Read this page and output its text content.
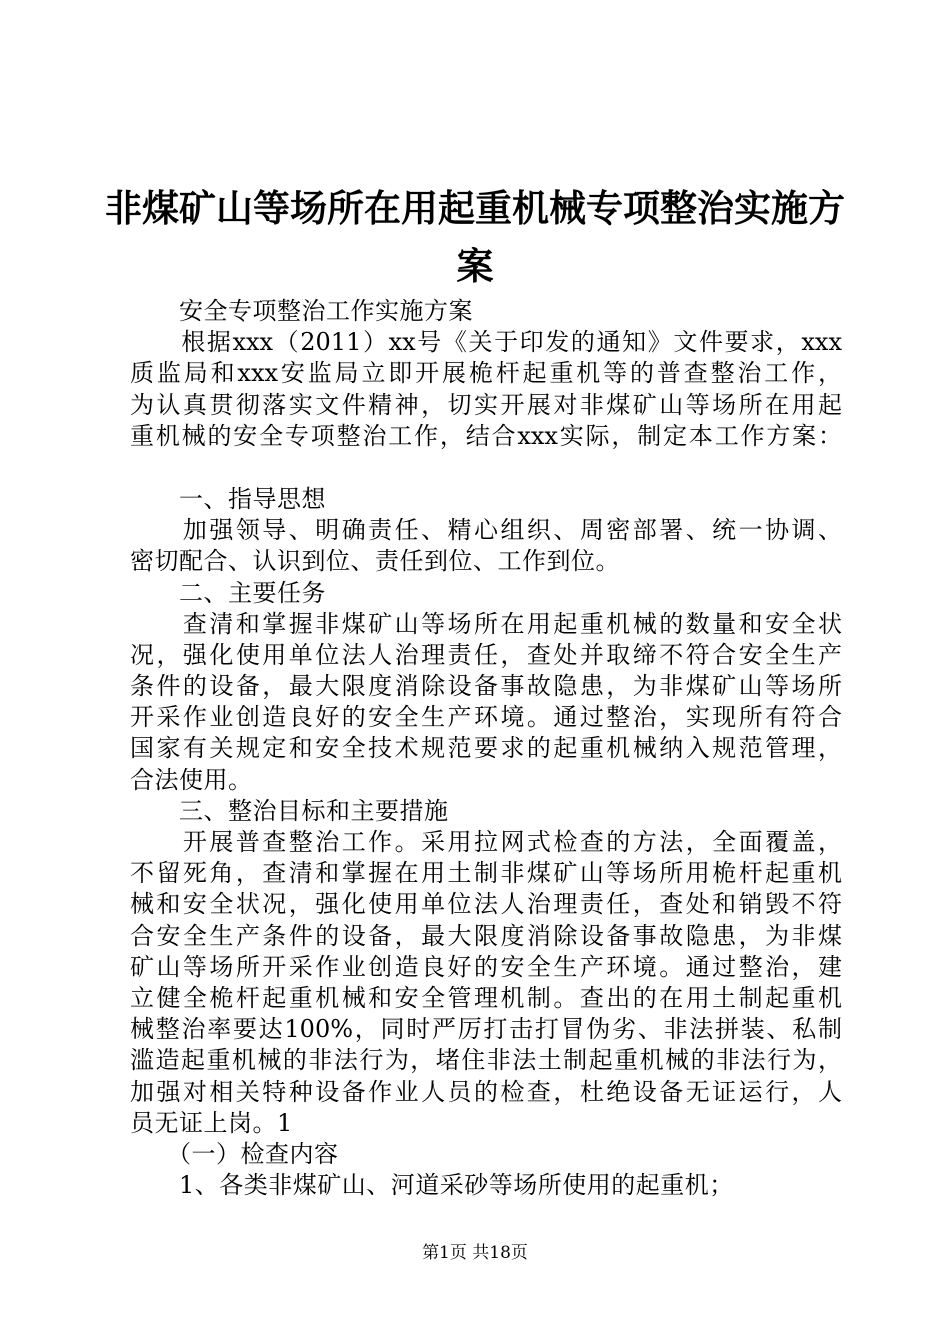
非煤矿山等场所在用起重机械专项整治实施方
案
　　安全专项整治工作实施方案
　　根据xxx（2011）xx号《关于印发的通知》文件要求，xxx
质监局和xxx安监局立即开展桅杆起重机等的普查整治工作，
为认真贯彻落实文件精神，切实开展对非煤矿山等场所在用起
重机械的安全专项整治工作，结合xxx实际，制定本工作方案：
　　一、指导思想
　　加强领导、明确责任、精心组织、周密部署、统一协调、
密切配合、认识到位、责任到位、工作到位。
　　二、主要任务
　　查清和掌握非煤矿山等场所在用起重机械的数量和安全状
况，强化使用单位法人治理责任，查处并取缔不符合安全生产
条件的设备，最大限度消除设备事故隐患，为非煤矿山等场所
开采作业创造良好的安全生产环境。通过整治，实现所有符合
国家有关规定和安全技术规范要求的起重机械纳入规范管理，
合法使用。
　　三、整治目标和主要措施
　　开展普查整治工作。采用拉网式检查的方法，全面覆盖，
不留死角，查清和掌握在用土制非煤矿山等场所用桅杆起重机
械和安全状况，强化使用单位法人治理责任，查处和销毁不符
合安全生产条件的设备，最大限度消除设备事故隐患，为非煤
矿山等场所开采作业创造良好的安全生产环境。通过整治，建
立健全桅杆起重机械和安全管理机制。查出的在用土制起重机
械整治率要达100%，同时严厉打击打冒伪劣、非法拼装、私制
滥造起重机械的非法行为，堵住非法土制起重机械的非法行为，
加强对相关特种设备作业人员的检查，杜绝设备无证运行，人
员无证上岗。1
　　（一）检查内容
　　1、各类非煤矿山、河道采砂等场所使用的起重机；
第1页 共18页
